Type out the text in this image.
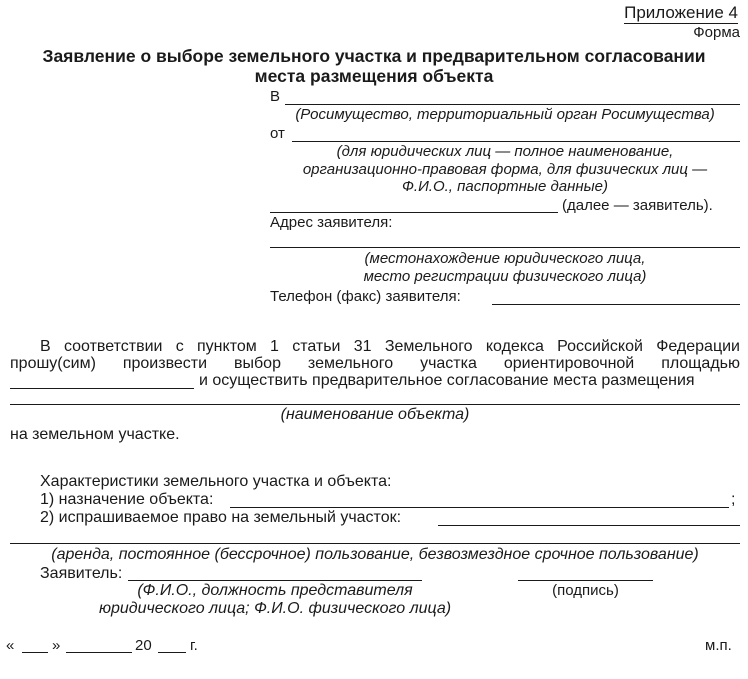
Приложение 4
Форма
Заявление о выборе земельного участка и предварительном согласовании
места размещения объекта
В
(Росимущество, территориальный орган Росимущества)
от
(для юридических лиц — полное наименование,
организационно-правовая форма, для физических лиц —
Ф.И.О., паспортные данные)
(далее — заявитель).
Адрес заявителя:
(местонахождение юридического лица,
место регистрации физического лица)
Телефон (факс) заявителя:
В соответствии с пунктом 1 статьи 31 Земельного кодекса Российской Федерации
прошу(сим) произвести выбор земельного участка ориентировочной площадью
и осуществить предварительное согласование места размещения
(наименование объекта)
на земельном участке.
Характеристики земельного участка и объекта:
1) назначение объекта:	;
2) испрашиваемое право на земельный участок:
(аренда, постоянное (бессрочное) пользование, безвозмездное срочное пользование)
Заявитель:
(Ф.И.О., должность представителя
юридического лица; Ф.И.О. физического лица)
(подпись)
«	»	20	г.	м.п.
